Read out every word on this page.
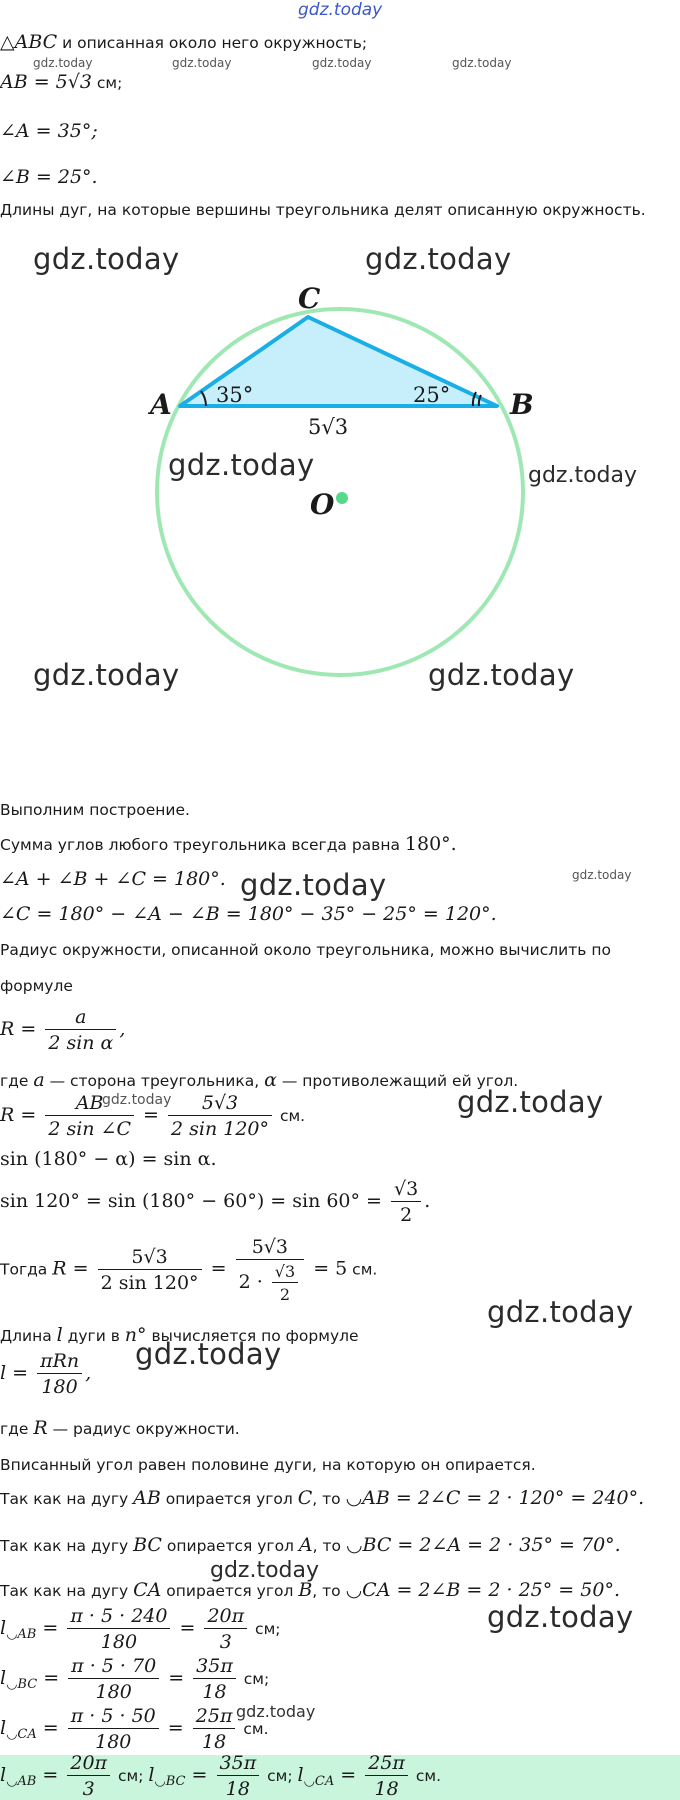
gdz.today
△ABC и описанная около него окружность;
gdz.today	gdz.today	gdz.today	gdz.today
AB = 5√3 см;
∠A = 35°;
∠B = 25°.
Длины дуг, на которые вершины треугольника делят описанную окружность.
C
A	B
O
35°	25°
5√3
gdz.today	gdz.today
gdz.today	gdz.today
gdz.today	gdz.today
Выполним построение.
Сумма углов любого треугольника всегда равна 180°.
∠A + ∠B + ∠C = 180°. gdz.today	gdz.today
∠C = 180° − ∠A − ∠B = 180° − 35° − 25° = 120°.
Радиус окружности, описанной около треугольника, можно вычислить по
формуле
$R = \frac{a}{\text{2 sin α}}$ ,
где a — сторона треугольника, α — противолежащий ей угол.
$R = \frac{AB}{2 \sin \angle C} = \frac{5√3}{2 \sin 120^\circ}$ см.
gdz.today	gdz.today
sin (180° − α) = sin α.
$\sin 120^\circ = \sin (180^\circ - 60^\circ) = \sin 60^\circ = \frac{√3}{2}$ .
Тогда $R = \frac{5√3}{2 \sin 120^\circ} = \frac{5√3}{2 \cdot \frac{√3}{2}} = 5$ см.
gdz.today
Длина l дуги в n° вычисляется по формуле
gdz.today
$l = \frac{\text{πRn}}{180}$ ,
где R — радиус окружности.
Вписанный угол равен половине дуги, на которую он опирается.
Так как на дугу AB опирается угол C, то ◡AB = 2∠C = 2 · 120° = 240°.
Так как на дугу BC опирается угол A, то ◡BC = 2∠A = 2 · 35° = 70°.
gdz.today
Так как на дугу CA опирается угол B, то ◡CA = 2∠B = 2 · 25° = 50°.
$l_{◡AB} = \frac{\pi \cdot 5 \cdot 240}{180} = \frac{20\pi}{3}$ см;	gdz.today
$l_{◡BC} = \frac{\pi \cdot 5 \cdot 70}{180} = \frac{35\pi}{18}$ см;
gdz.today
$l_{◡CA} = \frac{\pi \cdot 5 \cdot 50}{180} = \frac{25\pi}{18}$ см.
$l_{◡AB} = \frac{20\pi}{3}$ см; $l_{◡BC} = \frac{35\pi}{18}$ см; $l_{◡CA} = \frac{25\pi}{18}$ см.
